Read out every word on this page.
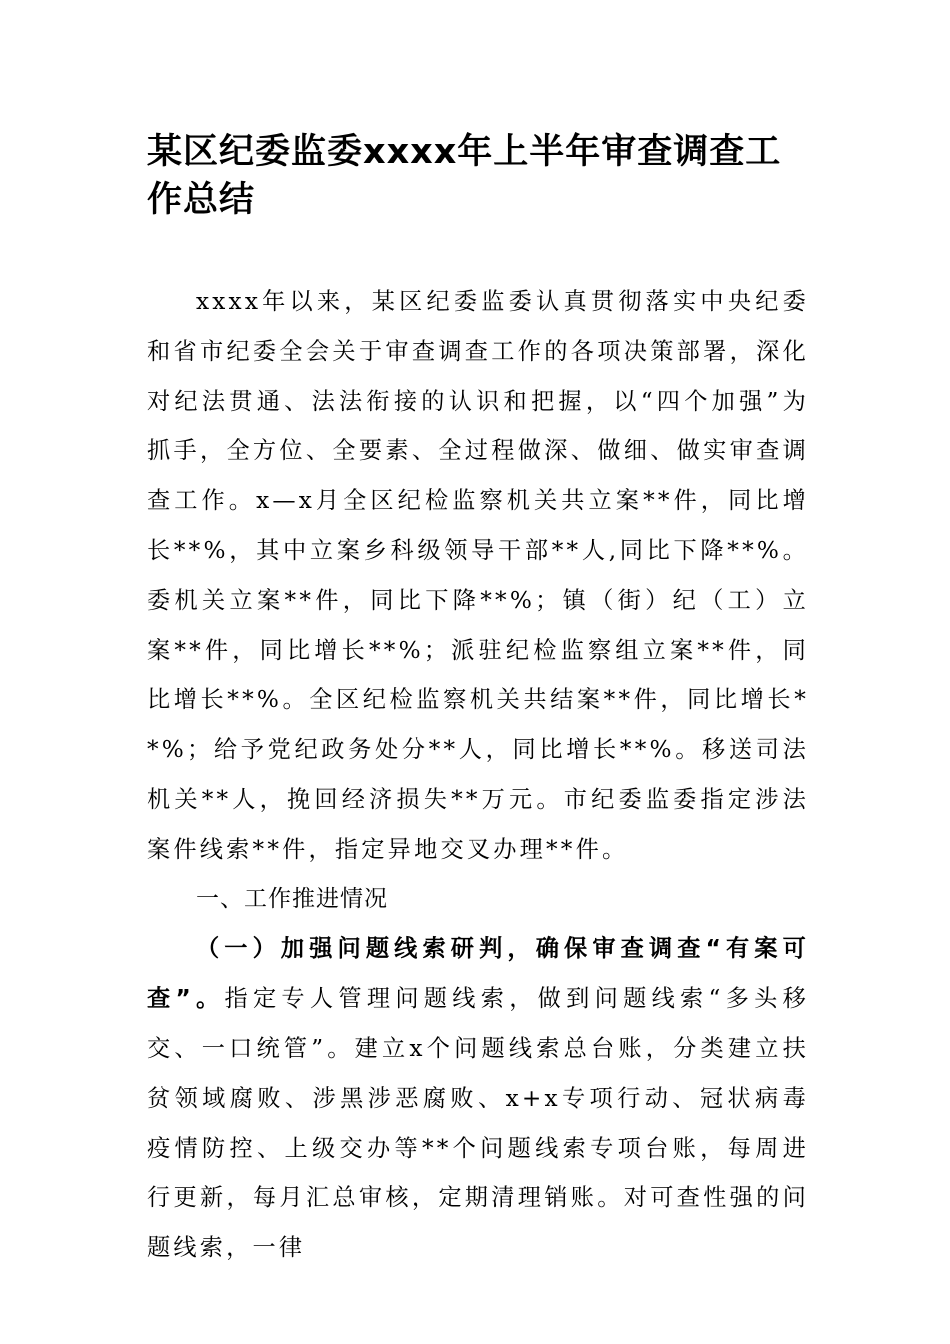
某区纪委监委xxxx年上半年审查调查工作总结

xxxx年以来，某区纪委监委认真贯彻落实中央纪委和省市纪委全会关于审查调查工作的各项决策部署，深化对纪法贯通、法法衔接的认识和把握，以“四个加强”为抓手，全方位、全要素、全过程做深、做细、做实审查调查工作。x—x月全区纪检监察机关共立案**件，同比增长**%，其中立案乡科级领导干部**人,同比下降**%。委机关立案**件，同比下降**%；镇（街）纪（工）立案**件，同比增长**%；派驻纪检监察组立案**件，同比增长**%。全区纪检监察机关共结案**件，同比增长**%；给予党纪政务处分**人，同比增长**%。移送司法机关**人，挽回经济损失**万元。市纪委监委指定涉法案件线索**件，指定异地交叉办理**件。

一、工作推进情况

（一）加强问题线索研判，确保审查调查“有案可查”。指定专人管理问题线索，做到问题线索“多头移交、一口统管”。建立x个问题线索总台账，分类建立扶贫领域腐败、涉黑涉恶腐败、x+x专项行动、冠状病毒疫情防控、上级交办等**个问题线索专项台账，每周进行更新，每月汇总审核，定期清理销账。对可查性强的问题线索，一律
